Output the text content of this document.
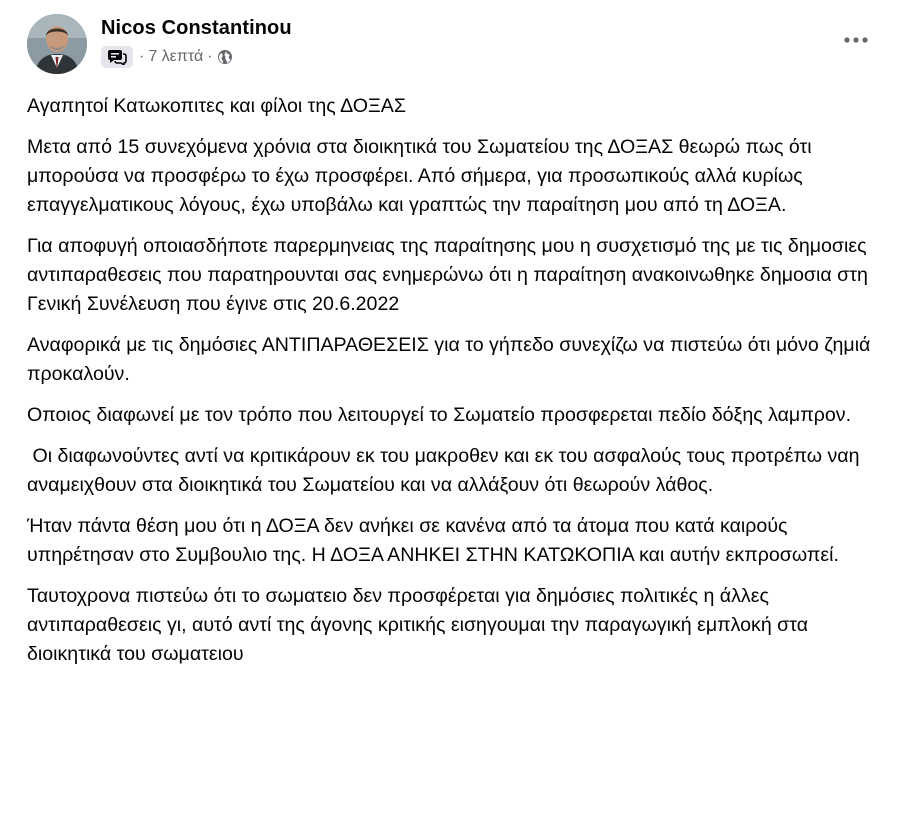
Nicos Constantinou
· 7 λεπτά ·

Αγαπητοί Κατωκοπιτες και φίλοι της ΔΟΞΑΣ

Μετα από 15 συνεχόμενα χρόνια στα διοικητικά του Σωματείου της ΔΟΞΑΣ θεωρώ πως ότι μπορούσα να προσφέρω το έχω προσφέρει. Από σήμερα, για προσωπικούς αλλά κυρίως επαγγελματικους λόγους, έχω υποβάλω και γραπτώς την παραίτηση μου από τη ΔΟΞΑ.

Για αποφυγή οποιασδήποτε παρερμηνειας της παραίτησης μου η συσχετισμό της με τις δημοσιες αντιπαραθεσεις που παρατηρουνται σας ενημερώνω ότι η παραίτηση ανακοινωθηκε δημοσια στη Γενική Συνέλευση που έγινε στις 20.6.2022

Αναφορικά με τις δημόσιες ΑΝΤΙΠΑΡΑΘΕΣΕΙΣ για το γήπεδο συνεχίζω να πιστεύω ότι μόνο ζημιά προκαλούν.

Οποιος διαφωνεί με τον τρόπο που λειτουργεί το Σωματείο προσφερεται πεδίο δόξης λαμπρον.

Οι διαφωνούντες αντί να κριτικάρουν εκ του μακροθεν και εκ του ασφαλούς τους προτρέπω ναη αναμειχθουν στα διοικητικά του Σωματείου και να αλλάξουν ότι θεωρούν λάθος.

Ήταν πάντα θέση μου ότι η ΔΟΞΑ δεν ανήκει σε κανένα από τα άτομα που κατά καιρούς υπηρέτησαν στο Συμβουλιο της. Η ΔΟΞΑ ΑΝΗΚΕΙ ΣΤΗΝ ΚΑΤΩΚΟΠΙΑ και αυτήν εκπροσωπεί.

Ταυτοχρονα πιστεύω ότι το σωματειο δεν προσφέρεται για δημόσιες πολιτικές η άλλες αντιπαραθεσεις γι, αυτό αντί της άγονης κριτικής εισηγουμαι την παραγωγική εμπλοκή στα διοικητικά του σωματειου
